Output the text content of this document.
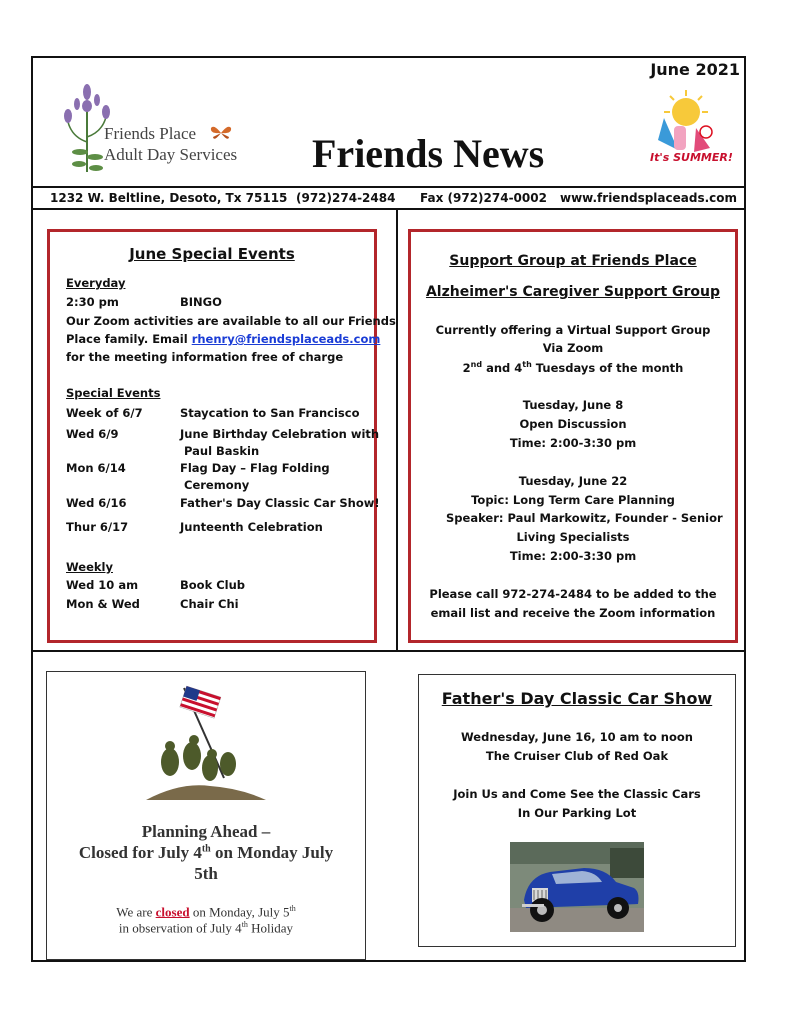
June 2021
Friends Place
Adult Day Services Friends News	It's SUMMER!
1232 W. Beltline, Desoto, Tx 75115 (972)274-2484 Fax (972)274-0002 www.friendsplaceads.com
June Special Events
Everyday
2:30 pm	BINGO
Our Zoom activities are available to all our Friends
Place family. Email rhenry@friendsplaceads.com
for the meeting information free of charge
Special Events
Week of 6/7	Staycation to San Francisco
Wed 6/9	June Birthday Celebration with
Paul Baskin
Mon 6/14	Flag Day – Flag Folding
Ceremony
Wed 6/16	Father's Day Classic Car Show!
Thur 6/17	Junteenth Celebration
Weekly
Wed 10 am	Book Club
Mon & Wed	Chair Chi
Support Group at Friends Place
Alzheimer's Caregiver Support Group
Currently offering a Virtual Support Group
Via Zoom
2nd and 4th Tuesdays of the month
Tuesday, June 8
Open Discussion
Time: 2:00-3:30 pm
Tuesday, June 22
Topic: Long Term Care Planning
Speaker: Paul Markowitz, Founder - Senior
Living Specialists
Time: 2:00-3:30 pm
Please call 972-274-2484 to be added to the
email list and receive the Zoom information
Planning Ahead –
Closed for July 4th on Monday July
5th
We are closed on Monday, July 5th
in observation of July 4th Holiday
Father's Day Classic Car Show
Wednesday, June 16, 10 am to noon
The Cruiser Club of Red Oak
Join Us and Come See the Classic Cars
In Our Parking Lot
